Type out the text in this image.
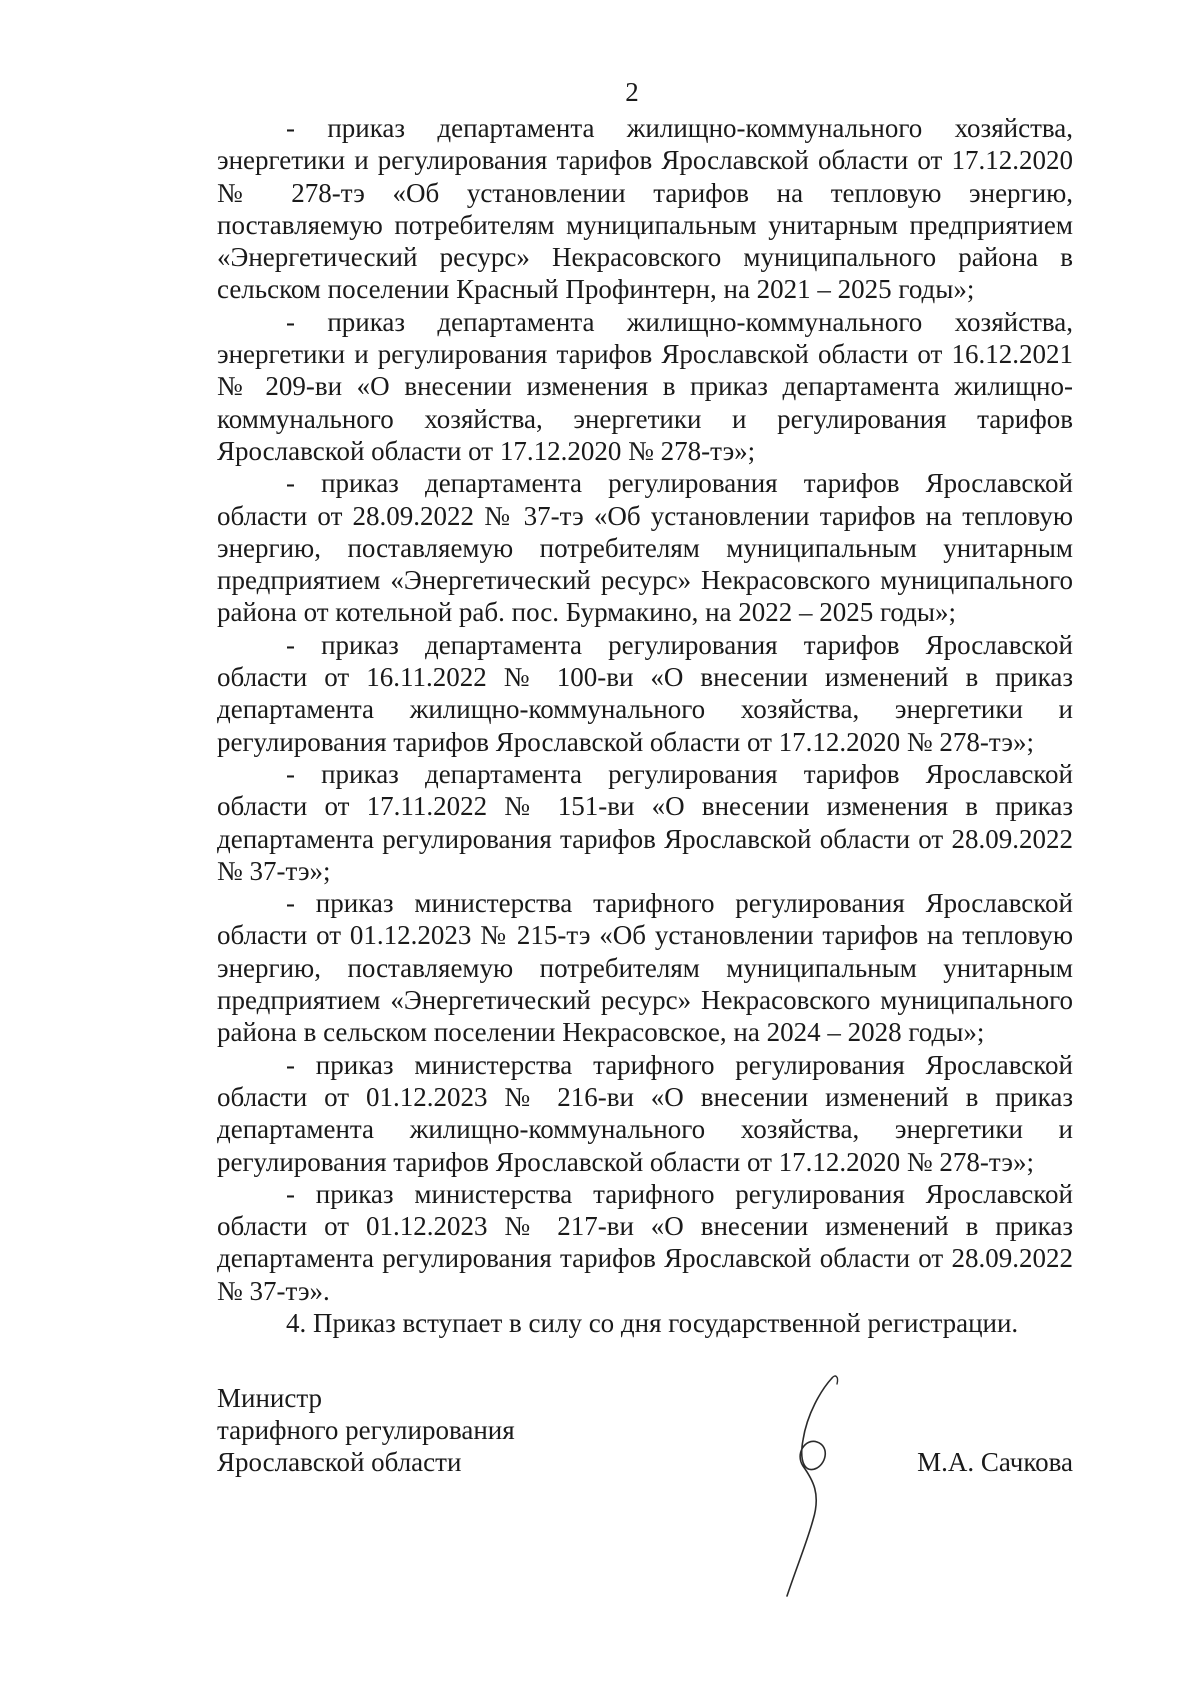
2

- приказ департамента жилищно-коммунального хозяйства, энергетики и регулирования тарифов Ярославской области от 17.12.2020 № 278-тэ «Об установлении тарифов на тепловую энергию, поставляемую потребителям муниципальным унитарным предприятием «Энергетический ресурс» Некрасовского муниципального района в сельском поселении Красный Профинтерн, на 2021 – 2025 годы»;

- приказ департамента жилищно-коммунального хозяйства, энергетики и регулирования тарифов Ярославской области от 16.12.2021 № 209-ви «О внесении изменения в приказ департамента жилищно-коммунального хозяйства, энергетики и регулирования тарифов Ярославской области от 17.12.2020 № 278-тэ»;

- приказ департамента регулирования тарифов Ярославской области от 28.09.2022 № 37-тэ «Об установлении тарифов на тепловую энергию, поставляемую потребителям муниципальным унитарным предприятием «Энергетический ресурс» Некрасовского муниципального района от котельной раб. пос. Бурмакино, на 2022 – 2025 годы»;

- приказ департамента регулирования тарифов Ярославской области от 16.11.2022 № 100-ви «О внесении изменений в приказ департамента жилищно-коммунального хозяйства, энергетики и регулирования тарифов Ярославской области от 17.12.2020 № 278-тэ»;

- приказ департамента регулирования тарифов Ярославской области от 17.11.2022 № 151-ви «О внесении изменения в приказ департамента регулирования тарифов Ярославской области от 28.09.2022 № 37-тэ»;

- приказ министерства тарифного регулирования Ярославской области от 01.12.2023 № 215-тэ «Об установлении тарифов на тепловую энергию, поставляемую потребителям муниципальным унитарным предприятием «Энергетический ресурс» Некрасовского муниципального района в сельском поселении Некрасовское, на 2024 – 2028 годы»;

- приказ министерства тарифного регулирования Ярославской области от 01.12.2023 № 216-ви «О внесении изменений в приказ департамента жилищно-коммунального хозяйства, энергетики и регулирования тарифов Ярославской области от 17.12.2020 № 278-тэ»;

- приказ министерства тарифного регулирования Ярославской области от 01.12.2023 № 217-ви «О внесении изменений в приказ департамента регулирования тарифов Ярославской области от 28.09.2022 № 37-тэ».

4. Приказ вступает в силу со дня государственной регистрации.

Министр
тарифного регулирования
Ярославской области	М.А. Сачкова
